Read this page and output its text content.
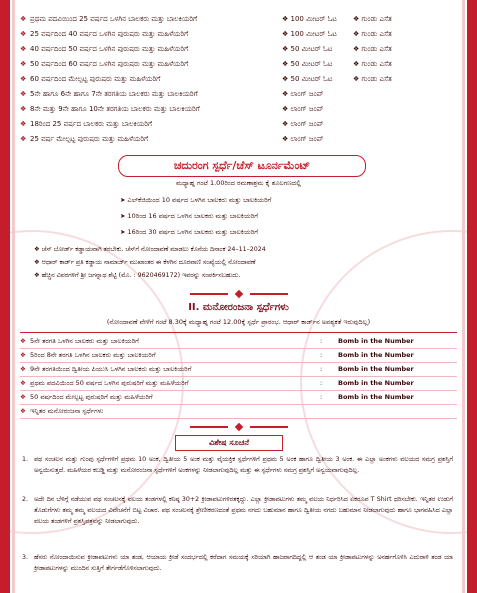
❖ ಪ್ರಥಮ ಪದವಿಯಿಂದ 25 ವರ್ಷದ ಒಳಗಿನ ಬಾಲಕರು ಮತ್ತು ಬಾಲಕಿಯರಿಗೆ	❖ 100 ಮೀಟರ್ ಓಟ ❖ ಗುಂಡು ಎಸೆತ
❖ 25 ವರ್ಷದಿಂದ 40 ವರ್ಷದ ಒಳಗಿನ ಪುರುಷರು ಮತ್ತು ಮಹಿಳೆಯರಿಗೆ	❖ 100 ಮೀಟರ್ ಓಟ ❖ ಗುಂಡು ಎಸೆತ
❖ 40 ವರ್ಷದಿಂದ 50 ವರ್ಷದ ಒಳಗಿನ ಪುರುಷರು ಮತ್ತು ಮಹಿಳೆಯರಿಗೆ	❖ 50 ಮೀಟರ್ ಓಟ	❖ ಗುಂಡು ಎಸೆತ
❖ 50 ವರ್ಷದಿಂದ 60 ವರ್ಷದ ಒಳಗಿನ ಪುರುಷರು ಮತ್ತು ಮಹಿಳೆಯರಿಗೆ	❖ 50 ಮೀಟರ್ ಓಟ	❖ ಗುಂಡು ಎಸೆತ
❖ 60 ವರ್ಷದಿಂದ ಮೇಲ್ಪಟ್ಟ ಪುರುಷರು ಮತ್ತು ಮಹಿಳೆಯರಿಗೆ	❖ 50 ಮೀಟರ್ ಓಟ	❖ ಗುಂಡು ಎಸೆತ
❖ 5ನೇ ಹಾಗೂ 6ನೇ ಹಾಗೂ 7ನೇ ತರಗತಿಯ ಬಾಲಕರು ಮತ್ತು ಬಾಲಕಿಯರಿಗೆ	❖ ಲಾಂಗ್ ಜಂಪ್
❖ 8ನೇ ಮತ್ತು 9ನೇ ಹಾಗೂ 10ನೇ ತರಗತಿಯ ಬಾಲಕರು ಮತ್ತು ಬಾಲಕಿಯರಿಗೆ	❖ ಲಾಂಗ್ ಜಂಪ್
❖ 18ರಿಂದ 25 ವರ್ಷದ ಬಾಲಕರು ಮತ್ತು ಬಾಲಕಿಯರಿಗೆ	❖ ಲಾಂಗ್ ಜಂಪ್
❖ 25 ವರ್ಷ ಮೇಲ್ಪಟ್ಟ ಪುರುಷರು ಮತ್ತು ಮಹಿಳೆಯರಿಗೆ	❖ ಲಾಂಗ್ ಜಂಪ್
ಚದುರಂಗ ಸ್ಪರ್ಧೆ/ಚೆಸ್ ಟೂರ್ನಮೆಂಟ್
ಮಧ್ಯಾಹ್ನ ಗಂಟೆ 1.00ರಿಂದ ರಮಣಾಶ್ರಮ ಕೈ ಶೂಲಗಣದಲ್ಲಿ
➤ ಎಲ್‌ಕೆಜಿಯಿಂದ 10 ವರ್ಷದ ಒಳಗಿನ ಬಾಲಕರು ಮತ್ತು ಬಾಲಕಿಯರಿಗೆ
➤ 10ರಿಂದ 16 ವರ್ಷದ ಒಳಗಿನ ಬಾಲಕರು ಮತ್ತು ಬಾಲಕಿಯರಿಗೆ
➤ 16ರಿಂದ 30 ವರ್ಷದ ಒಳಗಿನ ಬಾಲಕರು ಮತ್ತು ಬಾಲಕಿಯರಿಗೆ
❖ ಚೆಸ್ ಬೋರ್ಡ್ ಕಡ್ಡಾಯವಾಗಿ ತರಬೇಕು. ಚೆಸ್‌ಗೆ ನೋಂದಾವಣೆ ಮಾಡಲು ಕೊನೆಯ ದಿನಾಂಕ 24–11–2024
❖ ಆಧಾರ್ ಕಾರ್ಡ್ ಪ್ರತಿ ಕಡ್ಡಾಯ ನಾಮಾರ್ಜ್ ಮುಖಾಂತರ ಈ ಕೆಳಗಿನ ದೂರವಾಣಿ ಸಂಖ್ಯೆಯಲ್ಲಿ ನೋಂದಾವಣೆ
❖ ಹೆಚ್ಚಿನ ವಿವರಗಳಿಗೆ ಶ್ರೀ ಜಗನ್ನಾಥ ಶೆಟ್ಟಿ (ಮೊ. : 9620469172) ಇವರನ್ನು ಸಂಪರ್ಕಿಸಬಹುದು.
II. ಮನೋರಂಜನಾ ಸ್ಪರ್ಧೆಗಳು
(ನೋಂದಾವಣೆ ವೇಳೆಗೆ ಗಂಟೆ 8.30ಕ್ಕೆ ಮಧ್ಯಾಹ್ನ ಗಂಟೆ 12.00ಕ್ಕೆ ಸ್ಪರ್ಧೆ ಪ್ರಾರಂಭ. ಆಧಾರ್ ಕಾರ್ಡ್‌ನ ಅವಶ್ಯಕತೆ ಇರುವುದಿಲ್ಲ)
❖ 5ನೇ ತರಗತಿ ಒಳಗಿನ ಬಾಲಕರು ಮತ್ತು ಬಾಲಕಿಯರಿಗೆ	: Bomb in the Number
❖ 5ರಿಂದ 8ನೇ ತರಗತಿ ಒಳಗಿನ ಬಾಲಕರು ಮತ್ತು ಬಾಲಕಿಯರಿಗೆ	: Bomb in the Number
❖ 9ನೇ ತರಗತಿಯಿಂದ ದ್ವಿತೀಯ ಪಿಯುಸಿ ಒಳಗಿನ ಬಾಲಕರು ಮತ್ತು ಬಾಲಕಿಯರಿಗೆ	: Bomb in the Number
❖ ಪ್ರಥಮ ಪದವಿಯಿಂದ 50 ವರ್ಷದ ಒಳಗಿನ ಪುರುಷರಿಗೆ ಮತ್ತು ಮಹಿಳೆಯರಿಗೆ	: Bomb in the Number
❖ 50 ವರ್ಷದಿಂದ ಮೇಲ್ಪಟ್ಟ ಪುರುಷರಿಗೆ ಮತ್ತು ಮಹಿಳೆಯರಿಗೆ	: Bomb in the Number
❖ ಇನ್ನಿತರ ಮನೋರಂಜನಾ ಸ್ಪರ್ಧೆಗಳು
ವಿಶೇಷ ಸೂಚನೆ
1. ಪಥ ಸಂಚಲನ ಮತ್ತು ಗುಂಪು ಸ್ಪರ್ಧೆಗಳಿಗೆ ಪ್ರಥಮ 10 ಅಂಕ, ದ್ವಿತೀಯ 5 ಅಂಕ ಮತ್ತು ವೈಯಕ್ತಿಕ ಸ್ಪರ್ಧೆಗಳಿಗೆ ಪ್ರಥಮ 5 ಅಂಕ ಹಾಗೂ ದ್ವಿತೀಯ 3 ಅಂಕ. ಈ ಎಲ್ಲಾ ಅಂಕಗಳು ವಲಯದ ಸಮಗ್ರ ಪ್ರಶಸ್ತಿಗೆ ಅನ್ವಯಿಸುತ್ತದೆ. ಮಹಿಳೆಯರ ಕಬಡ್ಡಿ ಮತ್ತು ಮನೋರಂಜನಾ ಸ್ಪರ್ಧೆಗಳಿಗೆ ಅಂಕಗಳನ್ನು ನೀಡಲಾಗುವುದಿಲ್ಲ ಮತ್ತು ಈ ಸ್ಪರ್ಧೆಗಳು ಸಮಗ್ರ ಪ್ರಶಸ್ತಿಗೆ ಅನ್ವಯವಾಗುವುದಿಲ್ಲ.
2. ಅದೇ ದಿನ ಬೆಳಿಗ್ಗೆ ನಡೆಯುವ ಪಥ ಸಂಚಲನಕ್ಕೆ ವಲಯ ತಂಡಗಳಲ್ಲಿ ಕನಿಷ್ಠ 30+2 ಕ್ರೀಡಾಪಟುಗಳಿರತಕ್ಕದ್ದು. ಎಲ್ಲಾ ಕ್ರೀಡಾಪಟುಗಳು ತಮ್ಮ ವಲಯ ನಿರ್ಧರಿಸಿದ ಏಕರೂಪ T Shirt ಧರಿಸಬೇಕು. ಇನ್ನಿತರ ಉಡುಗೆ ತೊಡುಗೆಗಳು ತಮ್ಮ ತಮ್ಮ ವಲಯದ ವಿವೇಚನೆಗೆ ಬಿಟ್ಟ ವಿಚಾರ. ಪಥ ಸಂಚಲನಕ್ಕೆ ಶ್ರೇಣೀಕರಣದಂತೆ ಪ್ರಥಮ ನಗದು ಬಹುಮಾನ ಹಾಗೂ ದ್ವಿತೀಯ ನಗದು ಬಹುಮಾನ ನೀಡಲಾಗುವುದು ಹಾಗೂ ಭಾಗವಹಿಸಿದ ಎಲ್ಲಾ ವಲಯ ತಂಡಗಳಿಗೆ ಪ್ರಶಸ್ತಿಪತ್ರವನ್ನು ನೀಡಲಾಗುವುದು.
3. ಹೆಸರು ನೋಂದಾಯಿಸುವ ಕ್ರೀಡಾಪಟುಗಳು ಯಾ ತಂಡ, ಆಯಾಯ ಕ್ರೀಡೆ ಸಂದರ್ಭದಲ್ಲಿ ಕರೆದಾಗ ಸಮಯಕ್ಕೆ ಸರಿಯಾಗಿ ಹಾಜರಾಗದಿದ್ದಲ್ಲಿ ಆ ತಂಡ ಯಾ ಕ್ರೀಡಾಪಟುಗಳನ್ನು ಅನರ್ಹಗೊಳಿಸಿ ಎದುರಾಳಿ ತಂಡ ಯಾ ಕ್ರೀಡಾಪಟುಗಳನ್ನು ಮುಂದಿನ ಸುತ್ತಿಗೆ ತೇರ್ಗಡೆಗೊಳಿಸಲಾಗುವುದು.
